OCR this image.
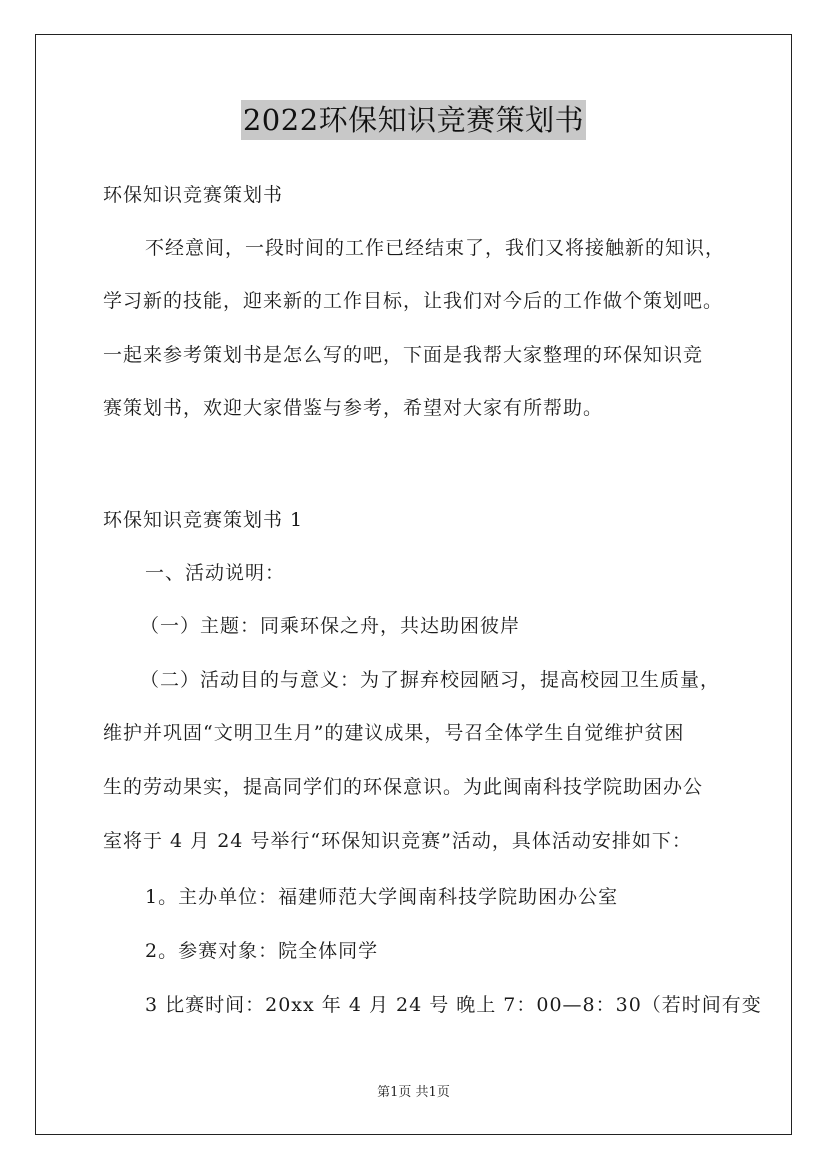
2022环保知识竞赛策划书
环保知识竞赛策划书
不经意间，一段时间的工作已经结束了，我们又将接触新的知识，
学习新的技能，迎来新的工作目标，让我们对今后的工作做个策划吧。
一起来参考策划书是怎么写的吧，下面是我帮大家整理的环保知识竞
赛策划书，欢迎大家借鉴与参考，希望对大家有所帮助。
环保知识竞赛策划书 1
一、活动说明：
（一）主题：同乘环保之舟，共达助困彼岸
（二）活动目的与意义：为了摒弃校园陋习，提高校园卫生质量，
维护并巩固“文明卫生月”的建议成果，号召全体学生自觉维护贫困
生的劳动果实，提高同学们的环保意识。为此闽南科技学院助困办公
室将于 4 月 24 号举行“环保知识竞赛”活动，具体活动安排如下：
1。主办单位：福建师范大学闽南科技学院助困办公室
2。参赛对象：院全体同学
3 比赛时间：20xx 年 4 月 24 号 晚上 7：00—8：30（若时间有变
第1页 共1页
